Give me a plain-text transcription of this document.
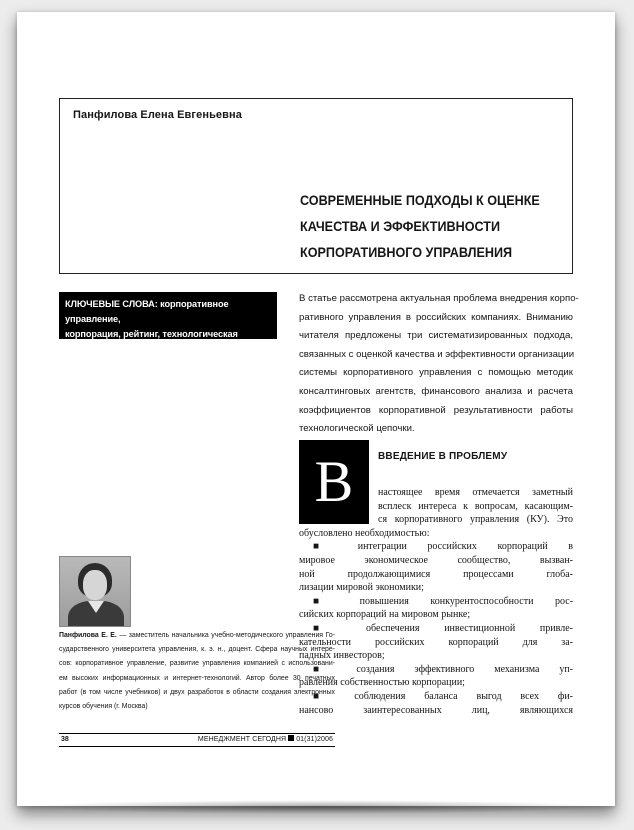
Панфилова Елена Евгеньевна
СОВРЕМЕННЫЕ ПОДХОДЫ К ОЦЕНКЕ
КАЧЕСТВА И ЭФФЕКТИВНОСТИ
КОРПОРАТИВНОГО УПРАВЛЕНИЯ
КЛЮЧЕВЫЕ СЛОВА: корпоративное управление,
корпорация, рейтинг, технологическая цепочка
В статье рассмотрена актуальная проблема внедрения корпо-
ративного управления в российских компаниях. Вниманию
читателя предложены три систематизированных подхода,
связанных с оценкой качества и эффективности организации
системы корпоративного управления с помощью методик
консалтинговых агентств, финансового анализа и расчета
коэффициентов корпоративной результативности работы
технологической цепочки.
В	ВВЕДЕНИЕ В ПРОБЛЕМУ
настоящее время отмечается заметный
всплеск интереса к вопросам, касающим-
ся корпоративного управления (КУ). Это
обусловлено необходимостью:
■ интеграции российских корпораций в
мировое экономическое сообщество, вызван-
ной продолжающимися процессами глоба-
лизации мировой экономики;
■ повышения конкурентоспособности рос-
сийских корпораций на мировом рынке;
■ обеспечения инвестиционной привле-
кательности российских корпораций для за-
падных инвесторов;
■ создания эффективного механизма уп-
равления собственностью корпорации;
■ соблюдения баланса выгод всех фи-
нансово заинтересованных лиц, являющихся
Панфилова Е. Е. — заместитель начальника учебно-методического управления Го-
сударственного университета управления, к. э. н., доцент. Сфера научных интере-
сов: корпоративное управление, развитие управления компанией с использовани-
ем высоких информационных и интернет-технологий. Автор более 30 печатных
работ (в том числе учебников) и двух разработок в области создания электронных
курсов обучения (г. Москва)
38	МЕНЕДЖМЕНТ СЕГОДНЯ 01(31)2006
